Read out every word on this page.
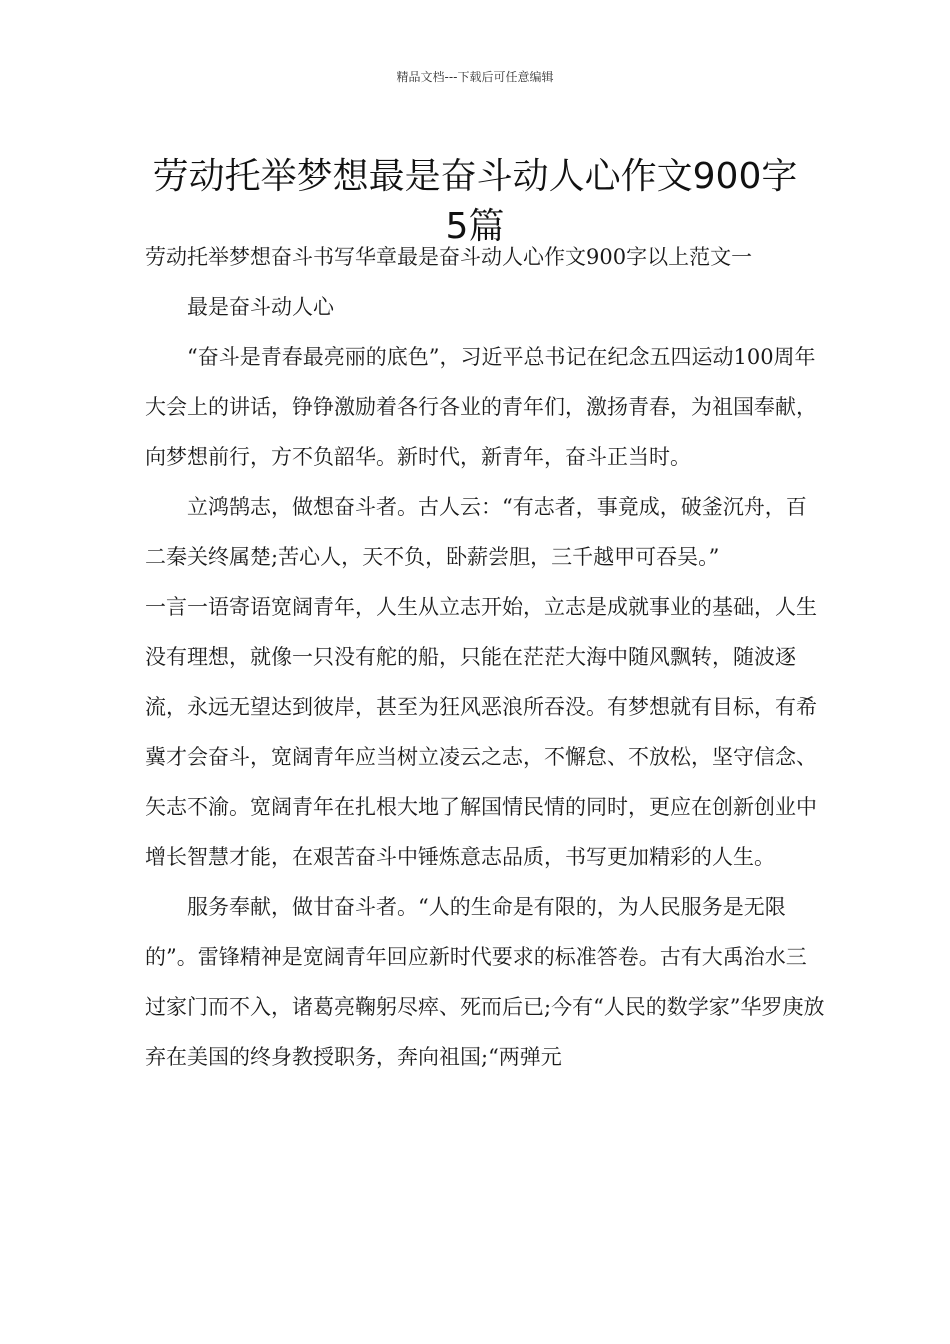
精品文档---下载后可任意编辑
劳动托举梦想最是奋斗动人心作文900字5篇

劳动托举梦想奋斗书写华章最是奋斗动人心作文900字以上范文一

最是奋斗动人心

“奋斗是青春最亮丽的底色”，习近平总书记在纪念五四运动100周年大会上的讲话，铮铮激励着各行各业的青年们，激扬青春，为祖国奉献，向梦想前行，方不负韶华。新时代，新青年，奋斗正当时。

立鸿鹄志，做想奋斗者。古人云：“有志者，事竟成，破釜沉舟，百二秦关终属楚;苦心人，天不负，卧薪尝胆，三千越甲可吞吴。”

一言一语寄语宽阔青年，人生从立志开始，立志是成就事业的基础，人生没有理想，就像一只没有舵的船，只能在茫茫大海中随风飘转，随波逐流，永远无望达到彼岸，甚至为狂风恶浪所吞没。有梦想就有目标，有希冀才会奋斗，宽阔青年应当树立凌云之志，不懈怠、不放松，坚守信念、矢志不渝。宽阔青年在扎根大地了解国情民情的同时，更应在创新创业中增长智慧才能，在艰苦奋斗中锤炼意志品质，书写更加精彩的人生。

服务奉献，做甘奋斗者。“人的生命是有限的，为人民服务是无限的”。雷锋精神是宽阔青年回应新时代要求的标准答卷。古有大禹治水三过家门而不入，诸葛亮鞠躬尽瘁、死而后已;今有“人民的数学家”华罗庚放弃在美国的终身教授职务，奔向祖国;“两弹元
